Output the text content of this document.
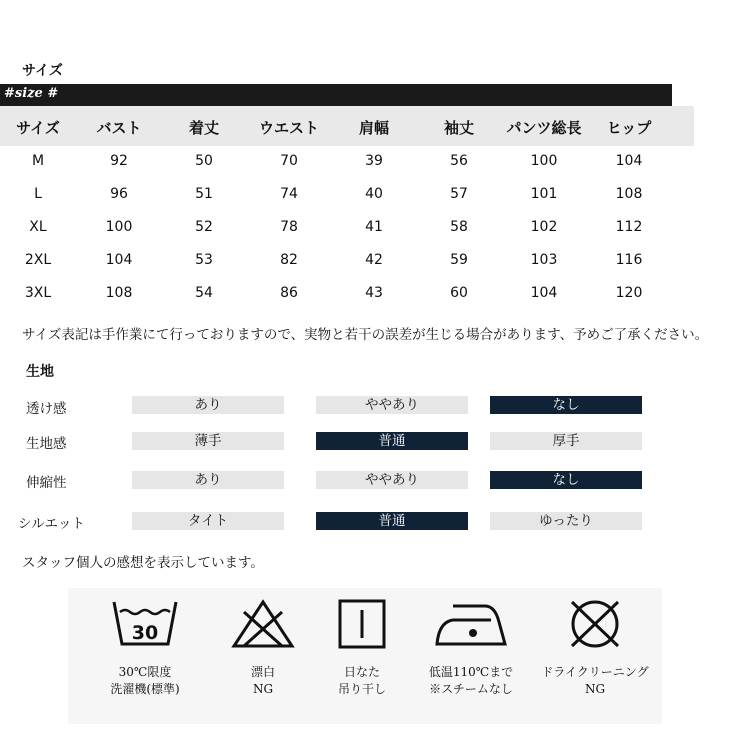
サイズ
#size #
サイズ	バスト	着丈	ウエスト	肩幅	袖丈	パンツ総長	ヒップ
M	92	50	70	39	56	100	104
L	96	51	74	40	57	101	108
XL	100	52	78	41	58	102	112
2XL	104	53	82	42	59	103	116
3XL	108	54	86	43	60	104	120
サイズ表記は手作業にて行っておりますので、実物と若干の誤差が生じる場合があります、予めご了承ください。
生地
透け感	あり	ややあり	なし
生地感	薄手	普通	厚手
伸縮性	あり	ややあり	なし
シルエット	タイト	普通	ゆったり
スタッフ個人の感想を表示しています。
30
30℃限度
洗濯機(標準)
漂白
NG
日なた
吊り干し
低温110℃まで
※スチームなし
ドライクリーニング
NG
